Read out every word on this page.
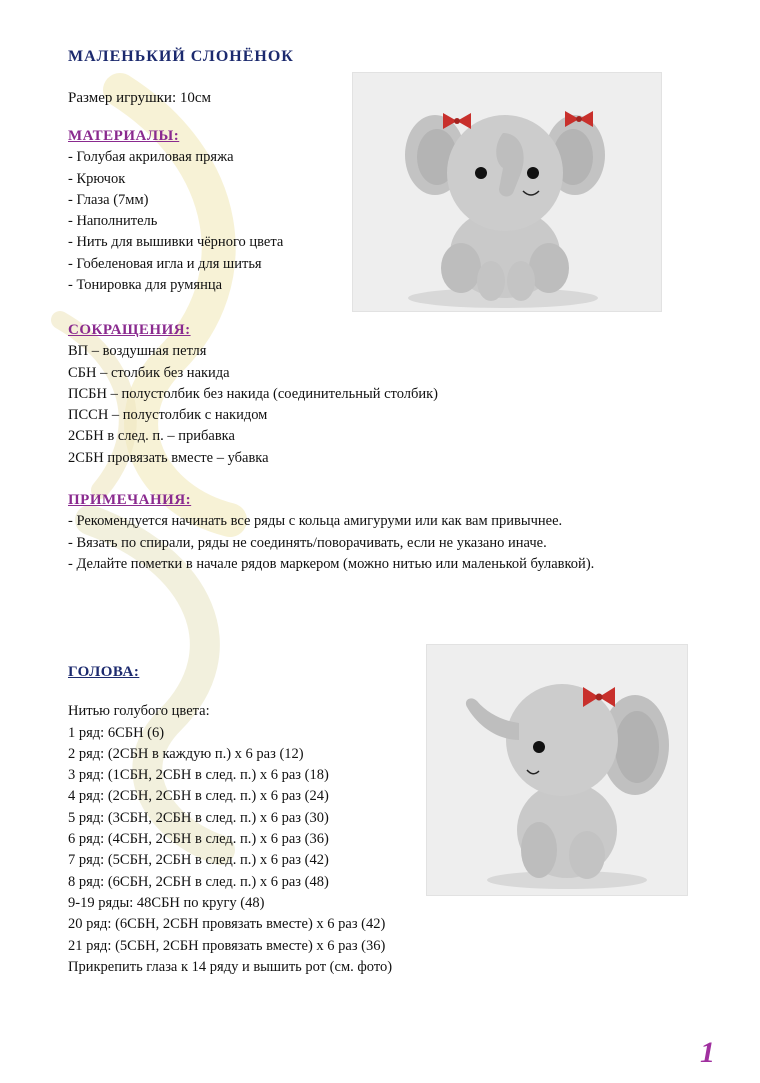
МАЛЕНЬКИЙ СЛОНЁНОК
Размер игрушки: 10см
МАТЕРИАЛЫ:
- Голубая акриловая пряжа
- Крючок
- Глаза (7мм)
- Наполнитель
- Нить для вышивки чёрного цвета
- Гобеленовая игла и для шитья
- Тонировка для румянца
СОКРАЩЕНИЯ:
ВП – воздушная петля
СБН – столбик без накида
ПСБН – полустолбик без накида (соединительный столбик)
ПССН – полустолбик с накидом
2СБН в след. п. – прибавка
2СБН провязать вместе – убавка
ПРИМЕЧАНИЯ:
- Рекомендуется начинать все ряды с кольца амигуруми или как вам привычнее.
- Вязать по спирали, ряды не соединять/поворачивать, если не указано иначе.
- Делайте пометки в начале рядов маркером (можно нитью или маленькой булавкой).
ГОЛОВА:
Нитью голубого цвета:
1 ряд: 6СБН (6)
2 ряд: (2СБН в каждую п.) х 6 раз (12)
3 ряд: (1СБН, 2СБН в след. п.) х 6 раз (18)
4 ряд: (2СБН, 2СБН в след. п.) х 6 раз (24)
5 ряд: (3СБН, 2СБН в след. п.) х 6 раз (30)
6 ряд: (4СБН, 2СБН в след. п.) х 6 раз (36)
7 ряд: (5СБН, 2СБН в след. п.) х 6 раз (42)
8 ряд: (6СБН, 2СБН в след. п.) х 6 раз (48)
9-19 ряды: 48СБН по кругу (48)
20 ряд: (6СБН, 2СБН провязать вместе) х 6 раз (42)
21 ряд: (5СБН, 2СБН провязать вместе) х 6 раз (36)
Прикрепить глаза к 14 ряду и вышить рот (см. фото)
1
